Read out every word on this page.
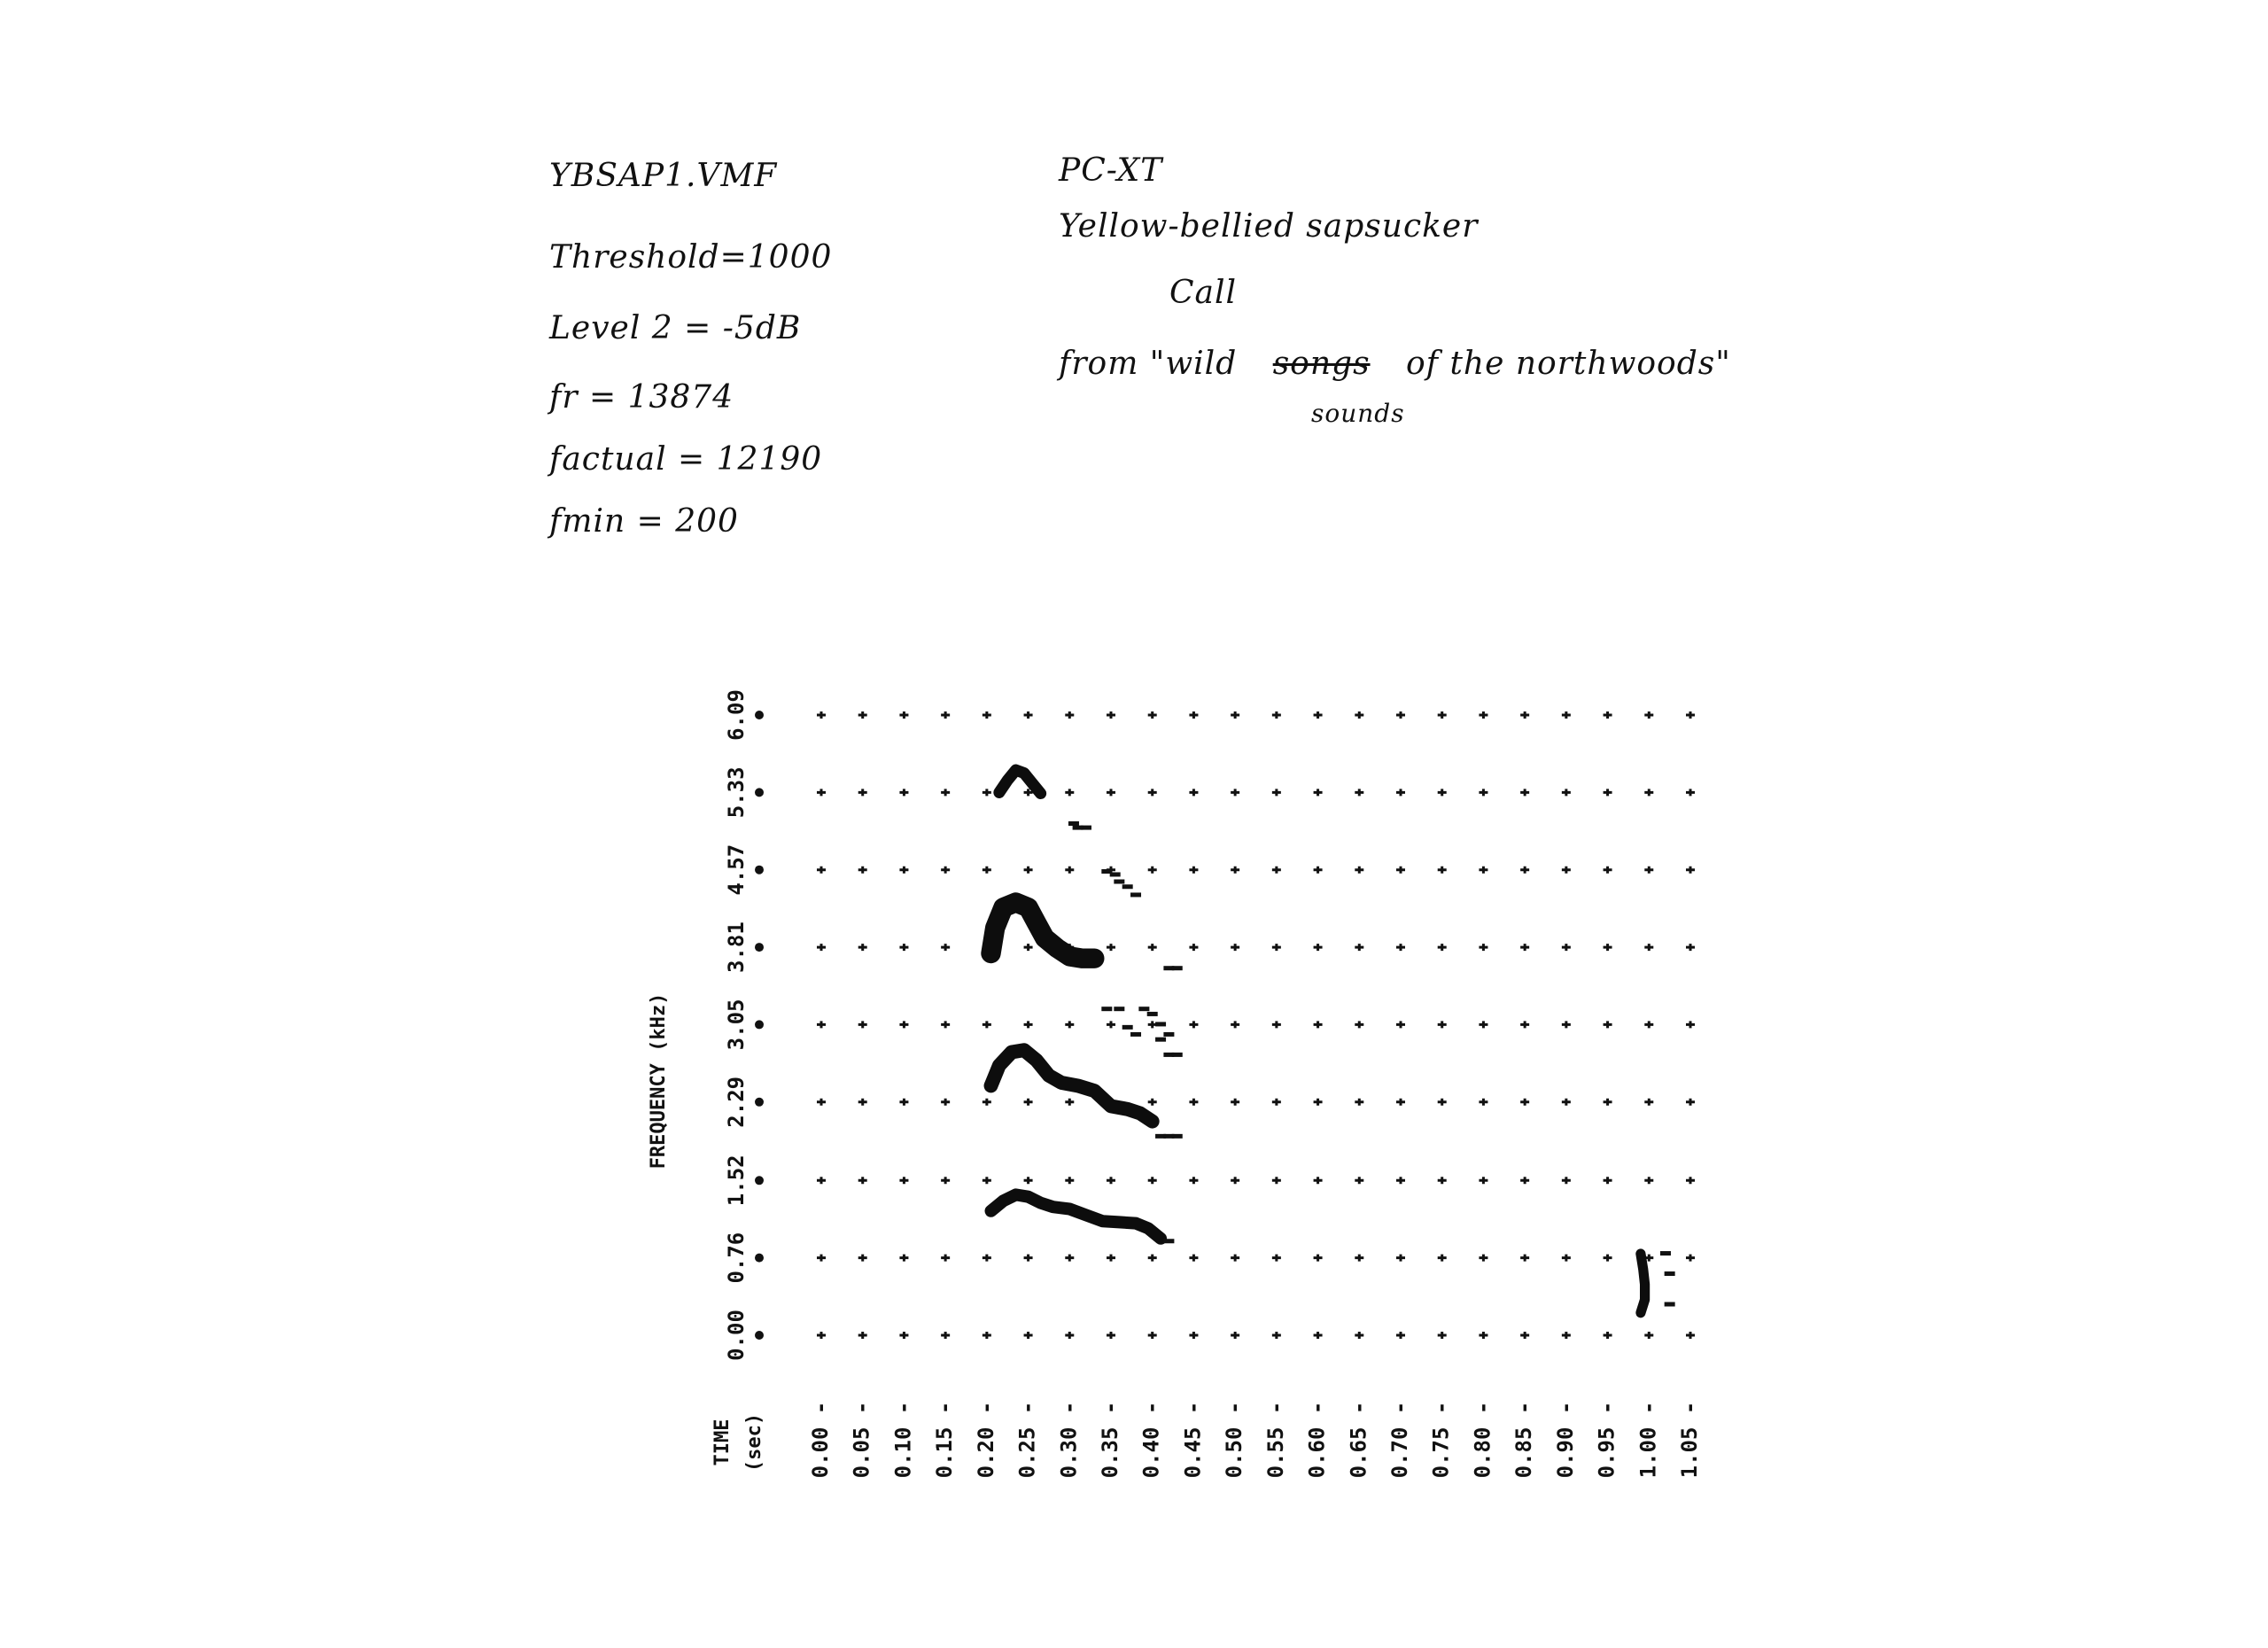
YBSAP1.VMF
Threshold=1000
Level 2 = -5dB
fr = 13874
factual = 12190
fmin = 200
PC-XT
Yellow-bellied sapsucker
Call
from "wild songs of the northwoods"
sounds
0.00
0.76
1.52
2.29
3.05
3.81
4.57
5.33
6.09
0.00 - 0.05 - 0.10 - 0.15 - 0.20 - 0.25 - 0.30 - 0.35 - 0.40 - 0.45 - 0.50 - 0.55 - 0.60 - 0.65 - 0.70 - 0.75 - 0.80 - 0.85 - 0.90 - 0.95 - 1.00 - 1.05 -
FREQUENCY (kHz)
TIME (sec)
